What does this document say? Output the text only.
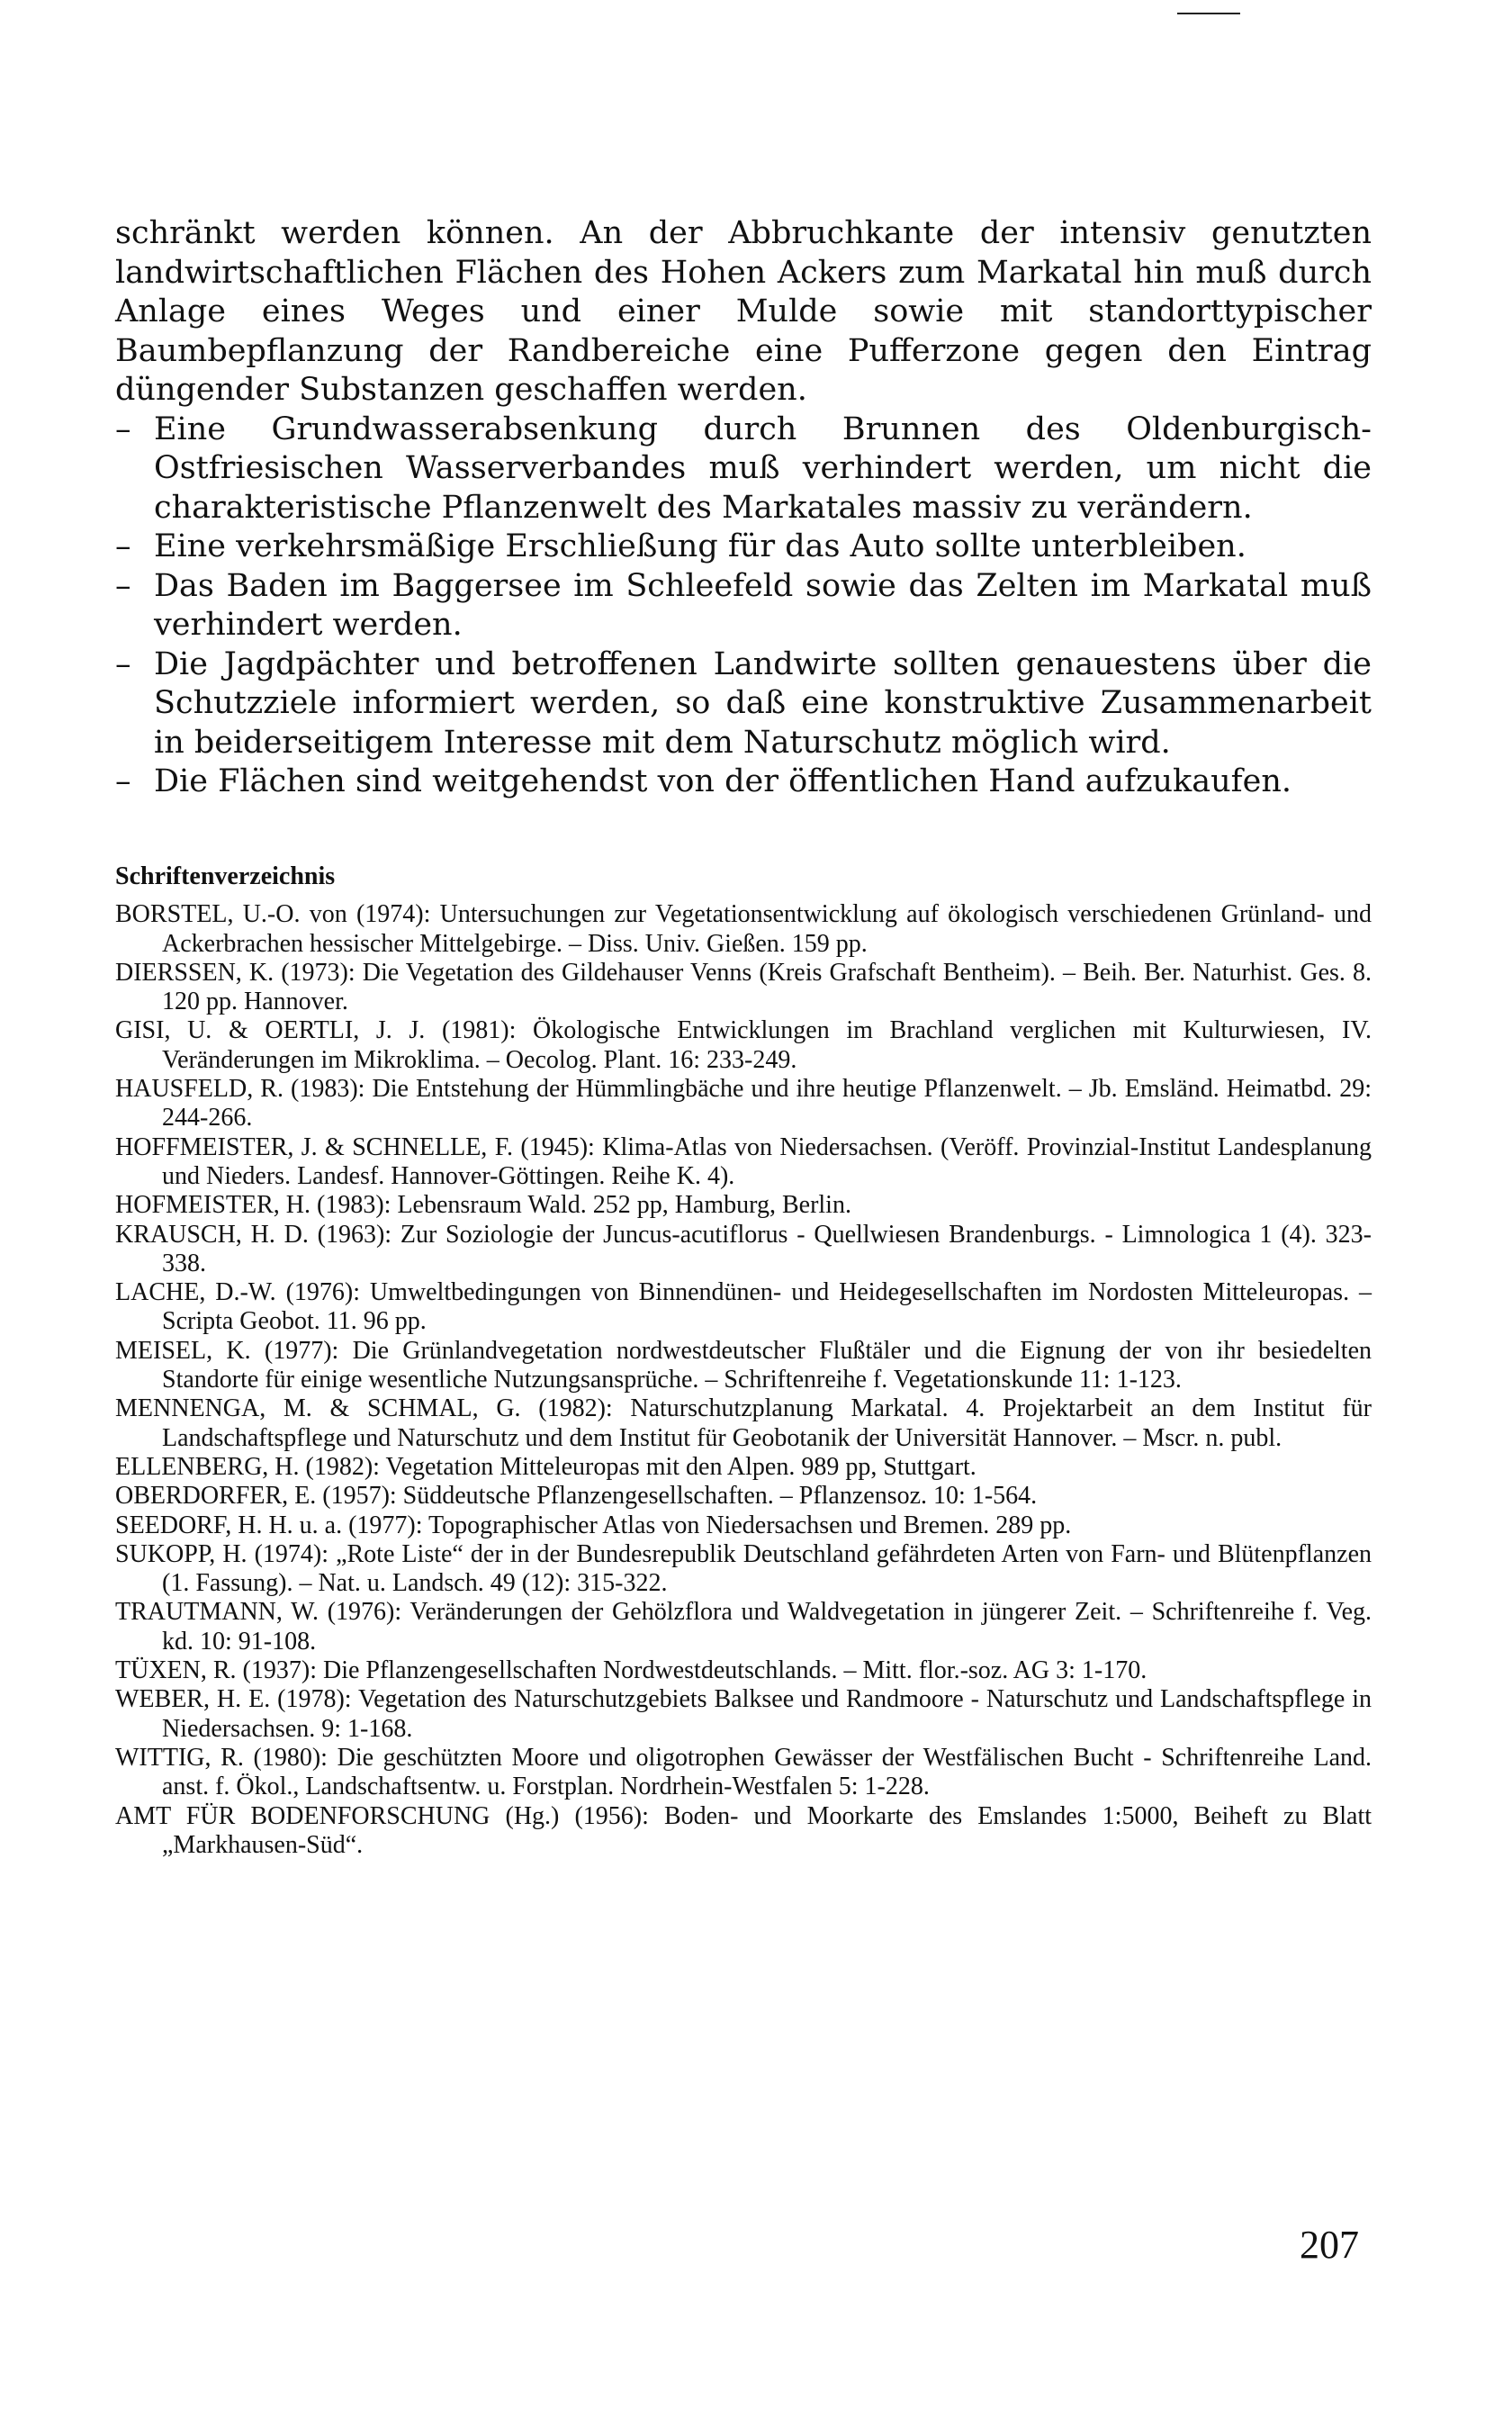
schränkt werden können. An der Abbruchkante der intensiv genutzten landwirtschaftlichen Flächen des Hohen Ackers zum Markatal hin muß durch Anlage eines Weges und einer Mulde sowie mit standorttypischer Baumbepflanzung der Randbereiche eine Pufferzone gegen den Eintrag düngender Substanzen geschaffen werden.

– Eine Grundwasserabsenkung durch Brunnen des Oldenburgisch-Ostfriesischen Wasserverbandes muß verhindert werden, um nicht die charakteristische Pflanzenwelt des Markatales massiv zu verändern.
– Eine verkehrsmäßige Erschließung für das Auto sollte unterbleiben.
– Das Baden im Baggersee im Schleefeld sowie das Zelten im Markatal muß verhindert werden.
– Die Jagdpächter und betroffenen Landwirte sollten genauestens über die Schutzziele informiert werden, so daß eine konstruktive Zusammenarbeit in beiderseitigem Interesse mit dem Naturschutz möglich wird.
– Die Flächen sind weitgehendst von der öffentlichen Hand aufzukaufen.
Schriftenverzeichnis
BORSTEL, U.-O. von (1974): Untersuchungen zur Vegetationsentwicklung auf ökologisch verschiedenen Grünland- und Ackerbrachen hessischer Mittelgebirge. – Diss. Univ. Gießen. 159 pp.
DIERSSEN, K. (1973): Die Vegetation des Gildehauser Venns (Kreis Grafschaft Bentheim). – Beih. Ber. Naturhist. Ges. 8. 120 pp. Hannover.
GISI, U. & OERTLI, J. J. (1981): Ökologische Entwicklungen im Brachland verglichen mit Kulturwiesen, IV. Veränderungen im Mikroklima. – Oecolog. Plant. 16: 233-249.
HAUSFELD, R. (1983): Die Entstehung der Hümmlingbäche und ihre heutige Pflanzenwelt. – Jb. Emsländ. Heimatbd. 29: 244-266.
HOFFMEISTER, J. & SCHNELLE, F. (1945): Klima-Atlas von Niedersachsen. (Veröff. Provinzial-Institut Landesplanung und Nieders. Landesf. Hannover-Göttingen. Reihe K. 4).
HOFMEISTER, H. (1983): Lebensraum Wald. 252 pp, Hamburg, Berlin.
KRAUSCH, H. D. (1963): Zur Soziologie der Juncus-acutiflorus - Quellwiesen Brandenburgs. - Limnologica 1 (4). 323-338.
LACHE, D.-W. (1976): Umweltbedingungen von Binnendünen- und Heidegesellschaften im Nordosten Mitteleuropas. – Scripta Geobot. 11. 96 pp.
MEISEL, K. (1977): Die Grünlandvegetation nordwestdeutscher Flußtäler und die Eignung der von ihr besiedelten Standorte für einige wesentliche Nutzungsansprüche. – Schriftenreihe f. Vegetationskunde 11: 1-123.
MENNENGA, M. & SCHMAL, G. (1982): Naturschutzplanung Markatal. 4. Projektarbeit an dem Institut für Landschaftspflege und Naturschutz und dem Institut für Geobotanik der Universität Hannover. – Mscr. n. publ.
ELLENBERG, H. (1982): Vegetation Mitteleuropas mit den Alpen. 989 pp, Stuttgart.
OBERDORFER, E. (1957): Süddeutsche Pflanzengesellschaften. – Pflanzensoz. 10: 1-564.
SEEDORF, H. H. u. a. (1977): Topographischer Atlas von Niedersachsen und Bremen. 289 pp.
SUKOPP, H. (1974): „Rote Liste“ der in der Bundesrepublik Deutschland gefährdeten Arten von Farn- und Blütenpflanzen (1. Fassung). – Nat. u. Landsch. 49 (12): 315-322.
TRAUTMANN, W. (1976): Veränderungen der Gehölzflora und Waldvegetation in jüngerer Zeit. – Schriftenreihe f. Veg. kd. 10: 91-108.
TÜXEN, R. (1937): Die Pflanzengesellschaften Nordwestdeutschlands. – Mitt. flor.-soz. AG 3: 1-170.
WEBER, H. E. (1978): Vegetation des Naturschutzgebiets Balksee und Randmoore - Naturschutz und Landschaftspflege in Niedersachsen. 9: 1-168.
WITTIG, R. (1980): Die geschützten Moore und oligotrophen Gewässer der Westfälischen Bucht - Schriftenreihe Land. anst. f. Ökol., Landschaftsentw. u. Forstplan. Nordrhein-Westfalen 5: 1-228.
AMT FÜR BODENFORSCHUNG (Hg.) (1956): Boden- und Moorkarte des Emslandes 1:5000, Beiheft zu Blatt „Markhausen-Süd“.
207
